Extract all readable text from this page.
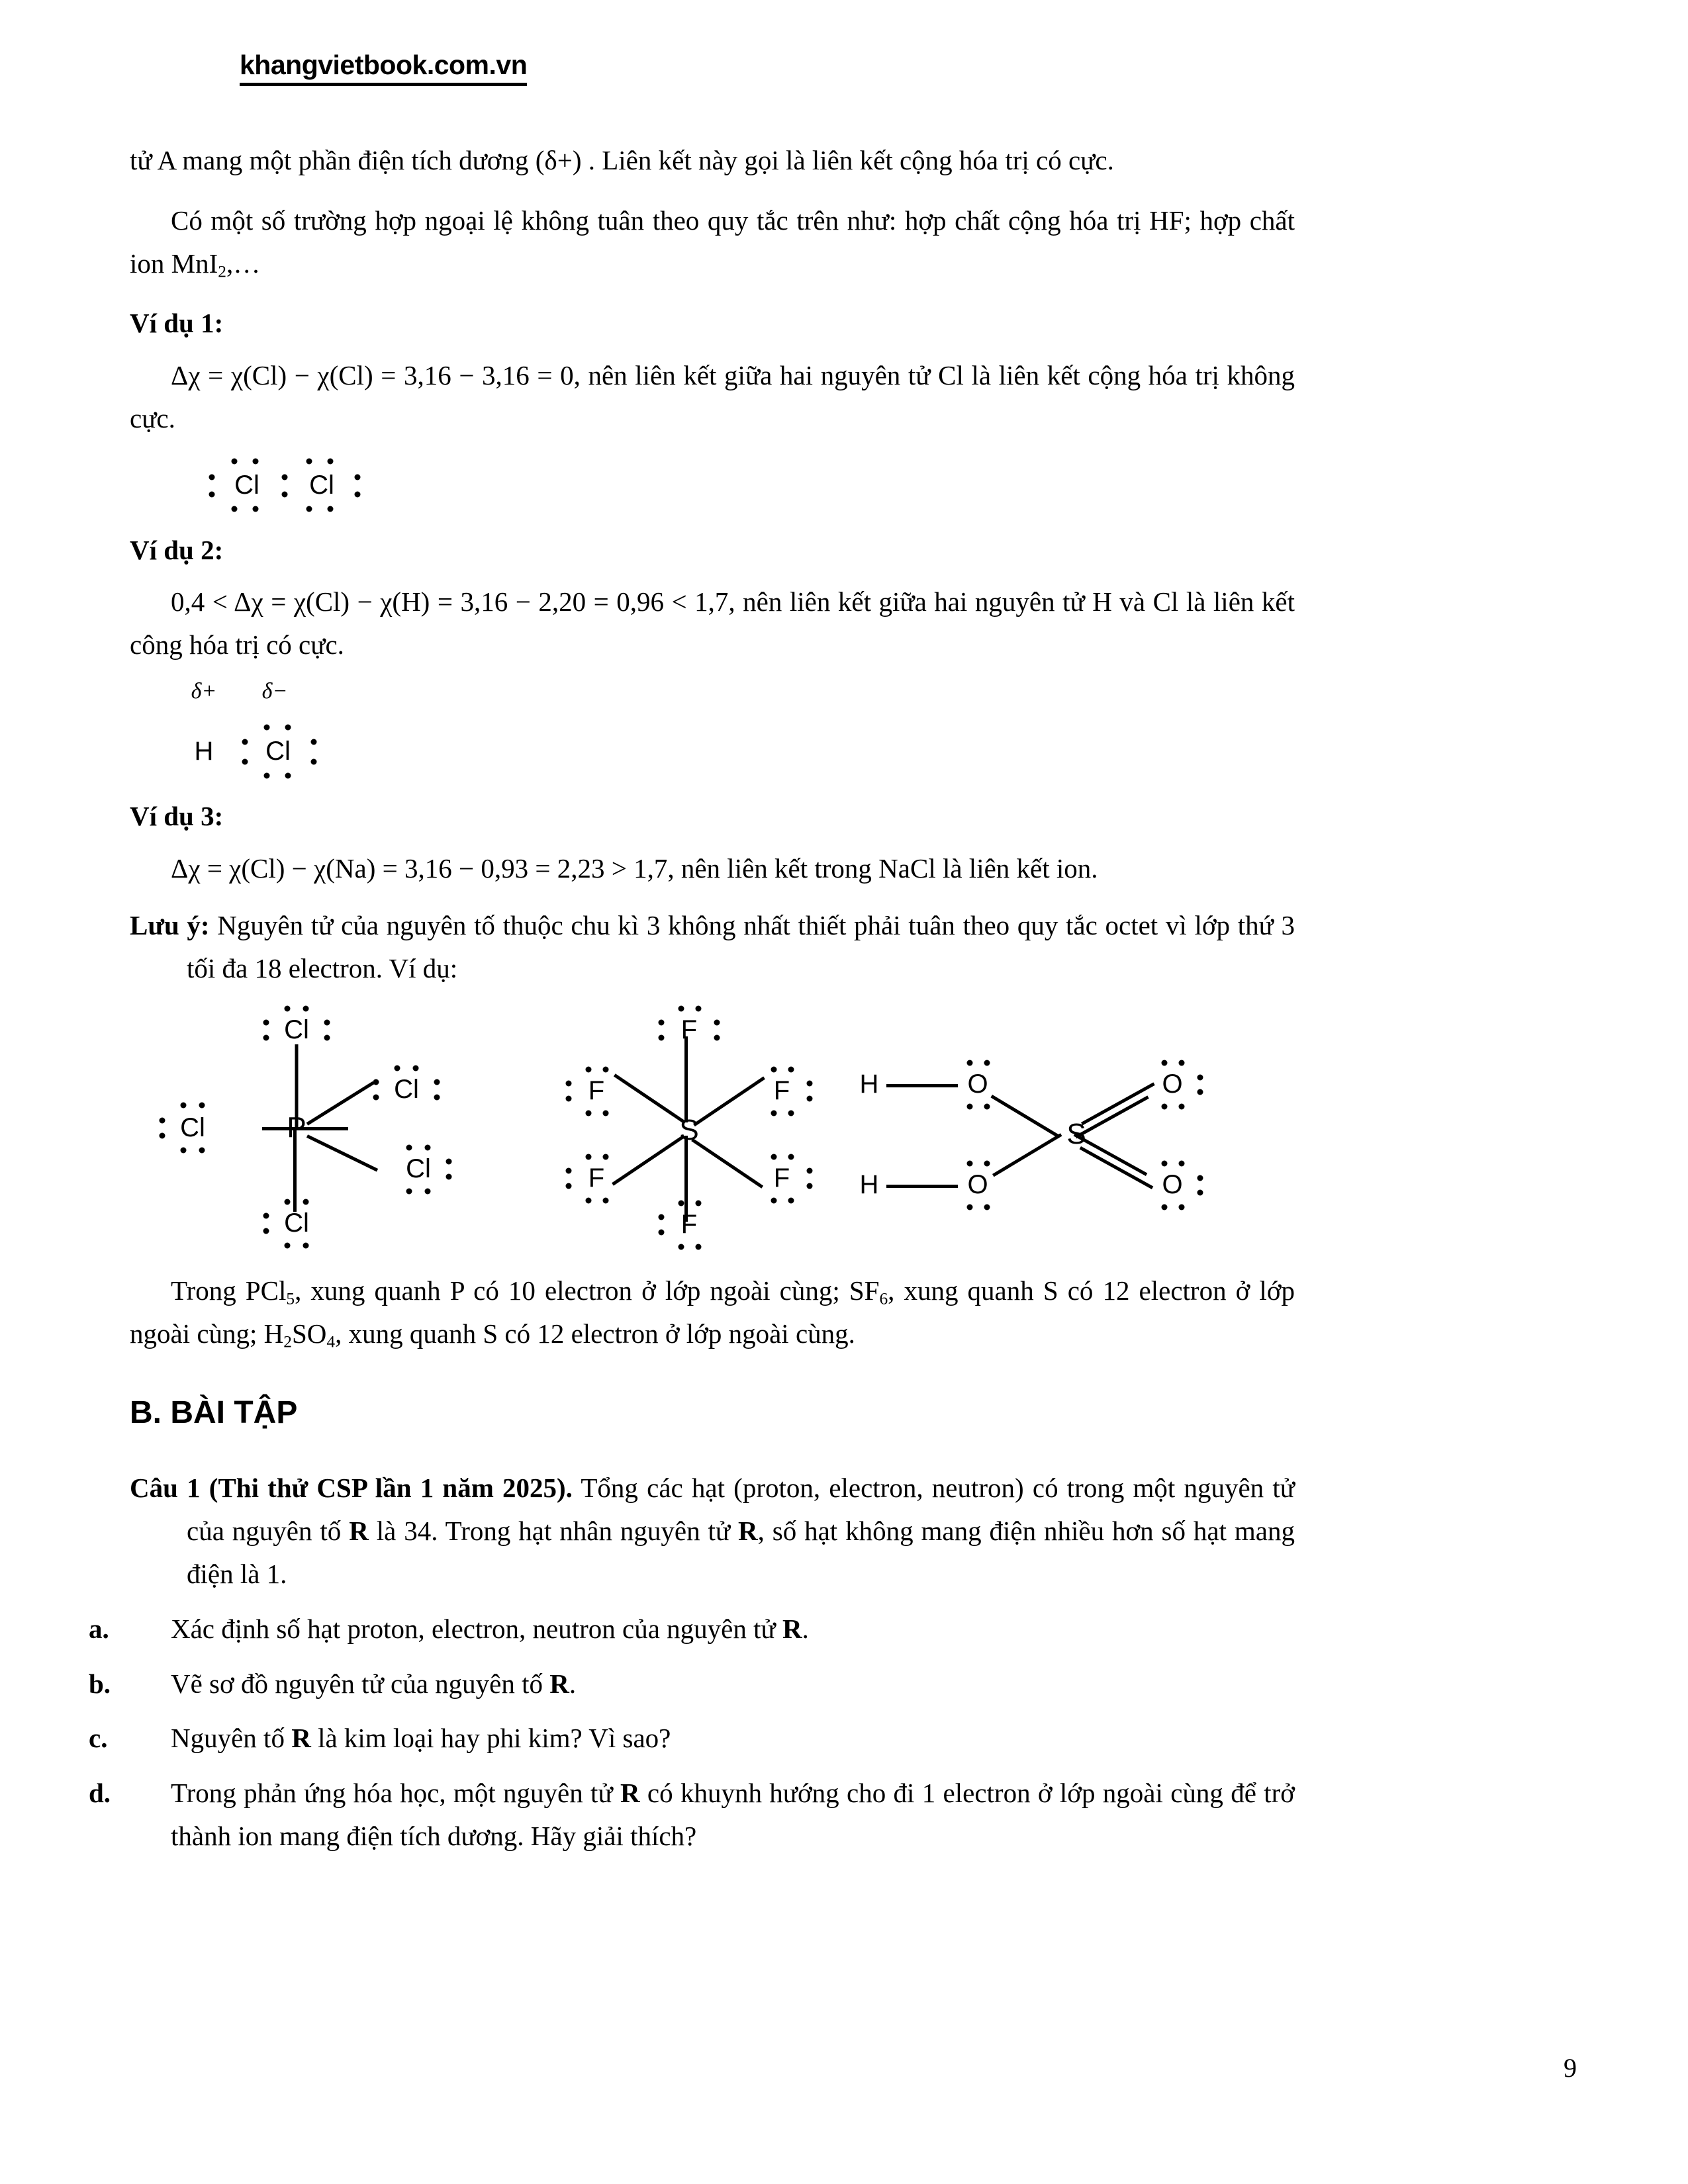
khangvietbook.com.vn

tử A mang một phần điện tích dương (δ+) . Liên kết này gọi là liên kết cộng hóa trị có cực.

Có một số trường hợp ngoại lệ không tuân theo quy tắc trên như: hợp chất cộng hóa trị HF; hợp chất ion MnI$_2$,…

Ví dụ 1:

Δχ = χ(Cl) − χ(Cl) = 3,16 − 3,16 = 0, nên liên kết giữa hai nguyên tử Cl là liên kết cộng hóa trị không cực.

Cl Cl

Ví dụ 2:

0,4 < Δχ = χ(Cl) − χ(H) = 3,16 − 2,20 = 0,96 < 1,7, nên liên kết giữa hai nguyên tử H và Cl là liên kết công hóa trị có cực.

δ+ δ−
H Cl

Ví dụ 3:

Δχ = χ(Cl) − χ(Na) = 3,16 − 0,93 = 2,23 > 1,7, nên liên kết trong NaCl là liên kết ion.

Lưu ý: Nguyên tử của nguyên tố thuộc chu kì 3 không nhất thiết phải tuân theo quy tắc octet vì lớp thứ 3 tối đa 18 electron. Ví dụ:

P
Cl
Cl
Cl
Cl
Cl
S
F
F
F
F
F
F
H
H
O
O
S
O
O

Trong PCl$_5$, xung quanh P có 10 electron ở lớp ngoài cùng; $SF_6$, xung quanh S có 12 electron ở lớp ngoài cùng; $H_2SO_4$, xung quanh S có 12 electron ở lớp ngoài cùng.

B. BÀI TẬP

Câu 1 (Thi thử CSP lần 1 năm 2025). Tổng các hạt (proton, electron, neutron) có trong một nguyên tử của nguyên tố R là 34. Trong hạt nhân nguyên tử R, số hạt không mang điện nhiều hơn số hạt mang điện là 1.

a. Xác định số hạt proton, electron, neutron của nguyên tử R.

b. Vẽ sơ đồ nguyên tử của nguyên tố R.

c. Nguyên tố R là kim loại hay phi kim? Vì sao?

d. Trong phản ứng hóa học, một nguyên tử R có khuynh hướng cho đi 1 electron ở lớp ngoài cùng để trở thành ion mang điện tích dương. Hãy giải thích?

9
